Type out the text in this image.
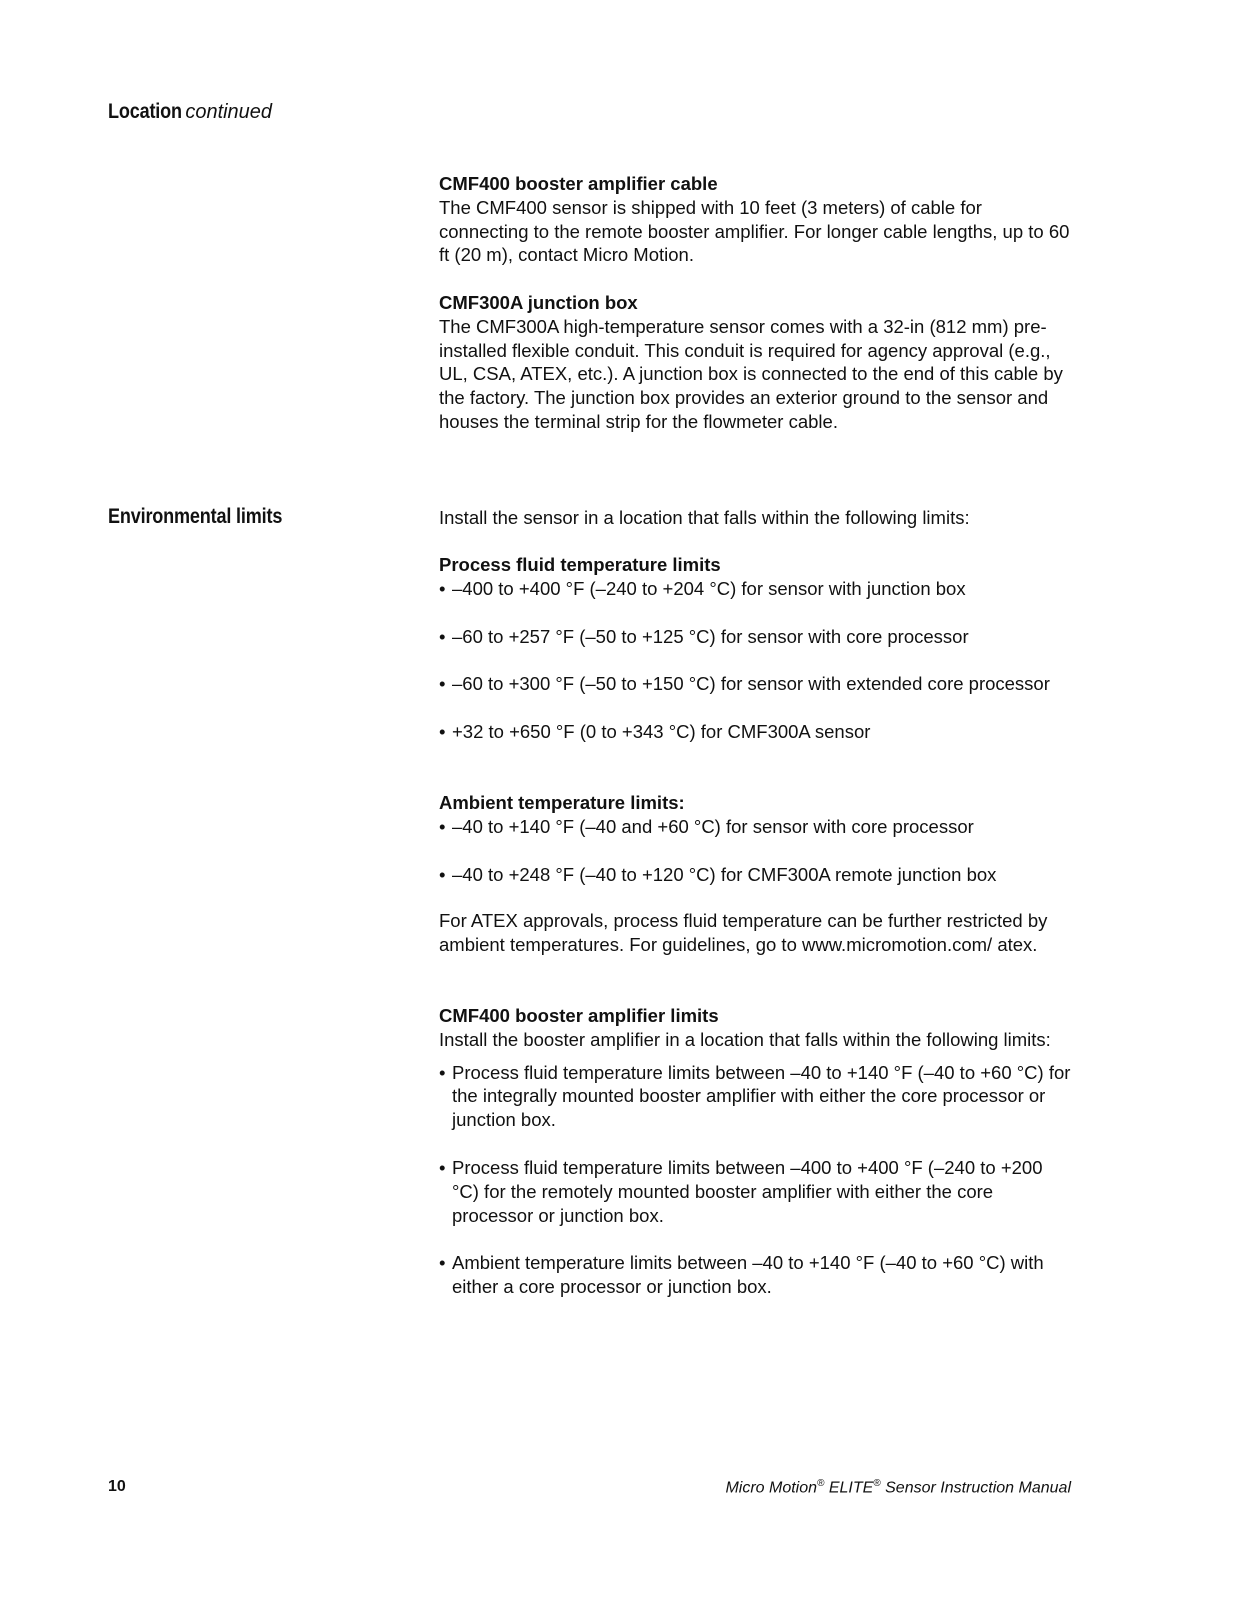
Location continued

CMF400 booster amplifier cable

The CMF400 sensor is shipped with 10 feet (3 meters) of cable for connecting to the remote booster amplifier. For longer cable lengths, up to 60 ft (20 m), contact Micro Motion.

CMF300A junction box

The CMF300A high-temperature sensor comes with a 32-in (812 mm) pre-installed flexible conduit. This conduit is required for agency approval (e.g., UL, CSA, ATEX, etc.). A junction box is connected to the end of this cable by the factory. The junction box provides an exterior ground to the sensor and houses the terminal strip for the flowmeter cable.

Environmental limits	Install the sensor in a location that falls within the following limits:

Process fluid temperature limits

• –400 to +400 °F (–240 to +204 °C) for sensor with junction box

• –60 to +257 °F (–50 to +125 °C) for sensor with core processor

• –60 to +300 °F (–50 to +150 °C) for sensor with extended core processor

• +32 to +650 °F (0 to +343 °C) for CMF300A sensor

Ambient temperature limits:

• –40 to +140 °F (–40 and +60 °C) for sensor with core processor

• –40 to +248 °F (–40 to +120 °C) for CMF300A remote junction box

For ATEX approvals, process fluid temperature can be further restricted by ambient temperatures. For guidelines, go to www.micromotion.com/ atex.

CMF400 booster amplifier limits

Install the booster amplifier in a location that falls within the following limits:

• Process fluid temperature limits between –40 to +140 °F (–40 to +60 °C) for the integrally mounted booster amplifier with either the core processor or junction box.

• Process fluid temperature limits between –400 to +400 °F (–240 to +200 °C) for the remotely mounted booster amplifier with either the core processor or junction box.

• Ambient temperature limits between –40 to +140 °F (–40 to +60 °C) with either a core processor or junction box.

10	Micro Motion® ELITE® Sensor Instruction Manual
